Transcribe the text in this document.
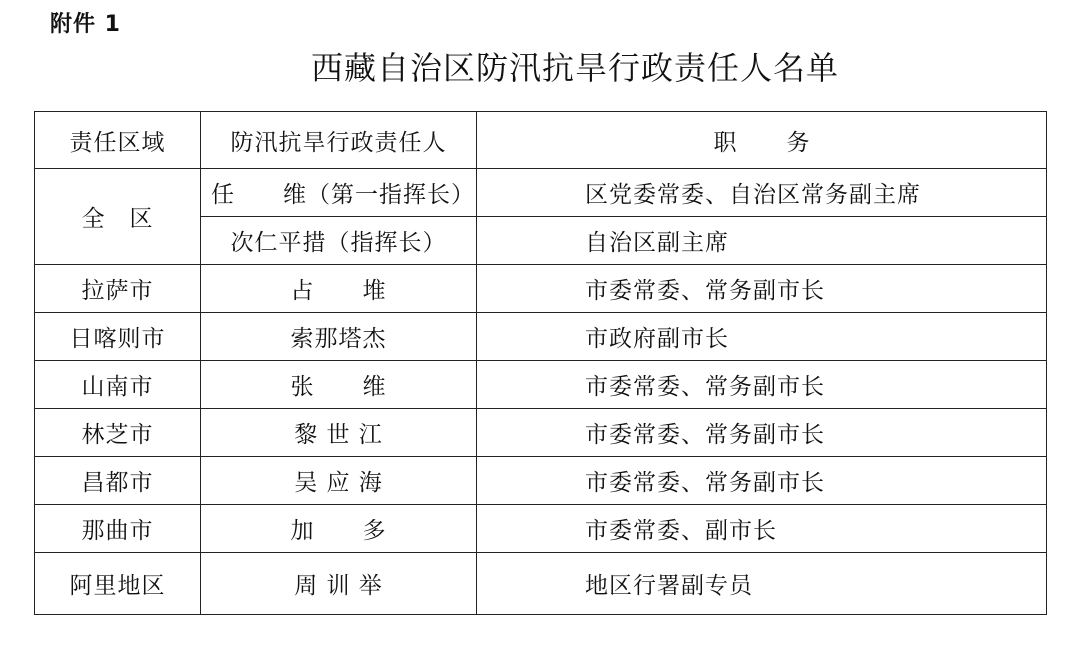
附件 1
西藏自治区防汛抗旱行政责任人名单
责任区域	防汛抗旱行政责任人	职务
全　区	任　　维（第一指挥长）	区党委常委、自治区常务副主席
	次仁平措（指挥长）	自治区副主席
拉萨市	占　　堆	市委常委、常务副市长
日喀则市	索那塔杰	市政府副市长
山南市	张　　维	市委常委、常务副市长
林芝市	黎 世 江	市委常委、常务副市长
昌都市	吴 应 海	市委常委、常务副市长
那曲市	加　　多	市委常委、副市长
阿里地区	周 训 举	地区行署副专员
